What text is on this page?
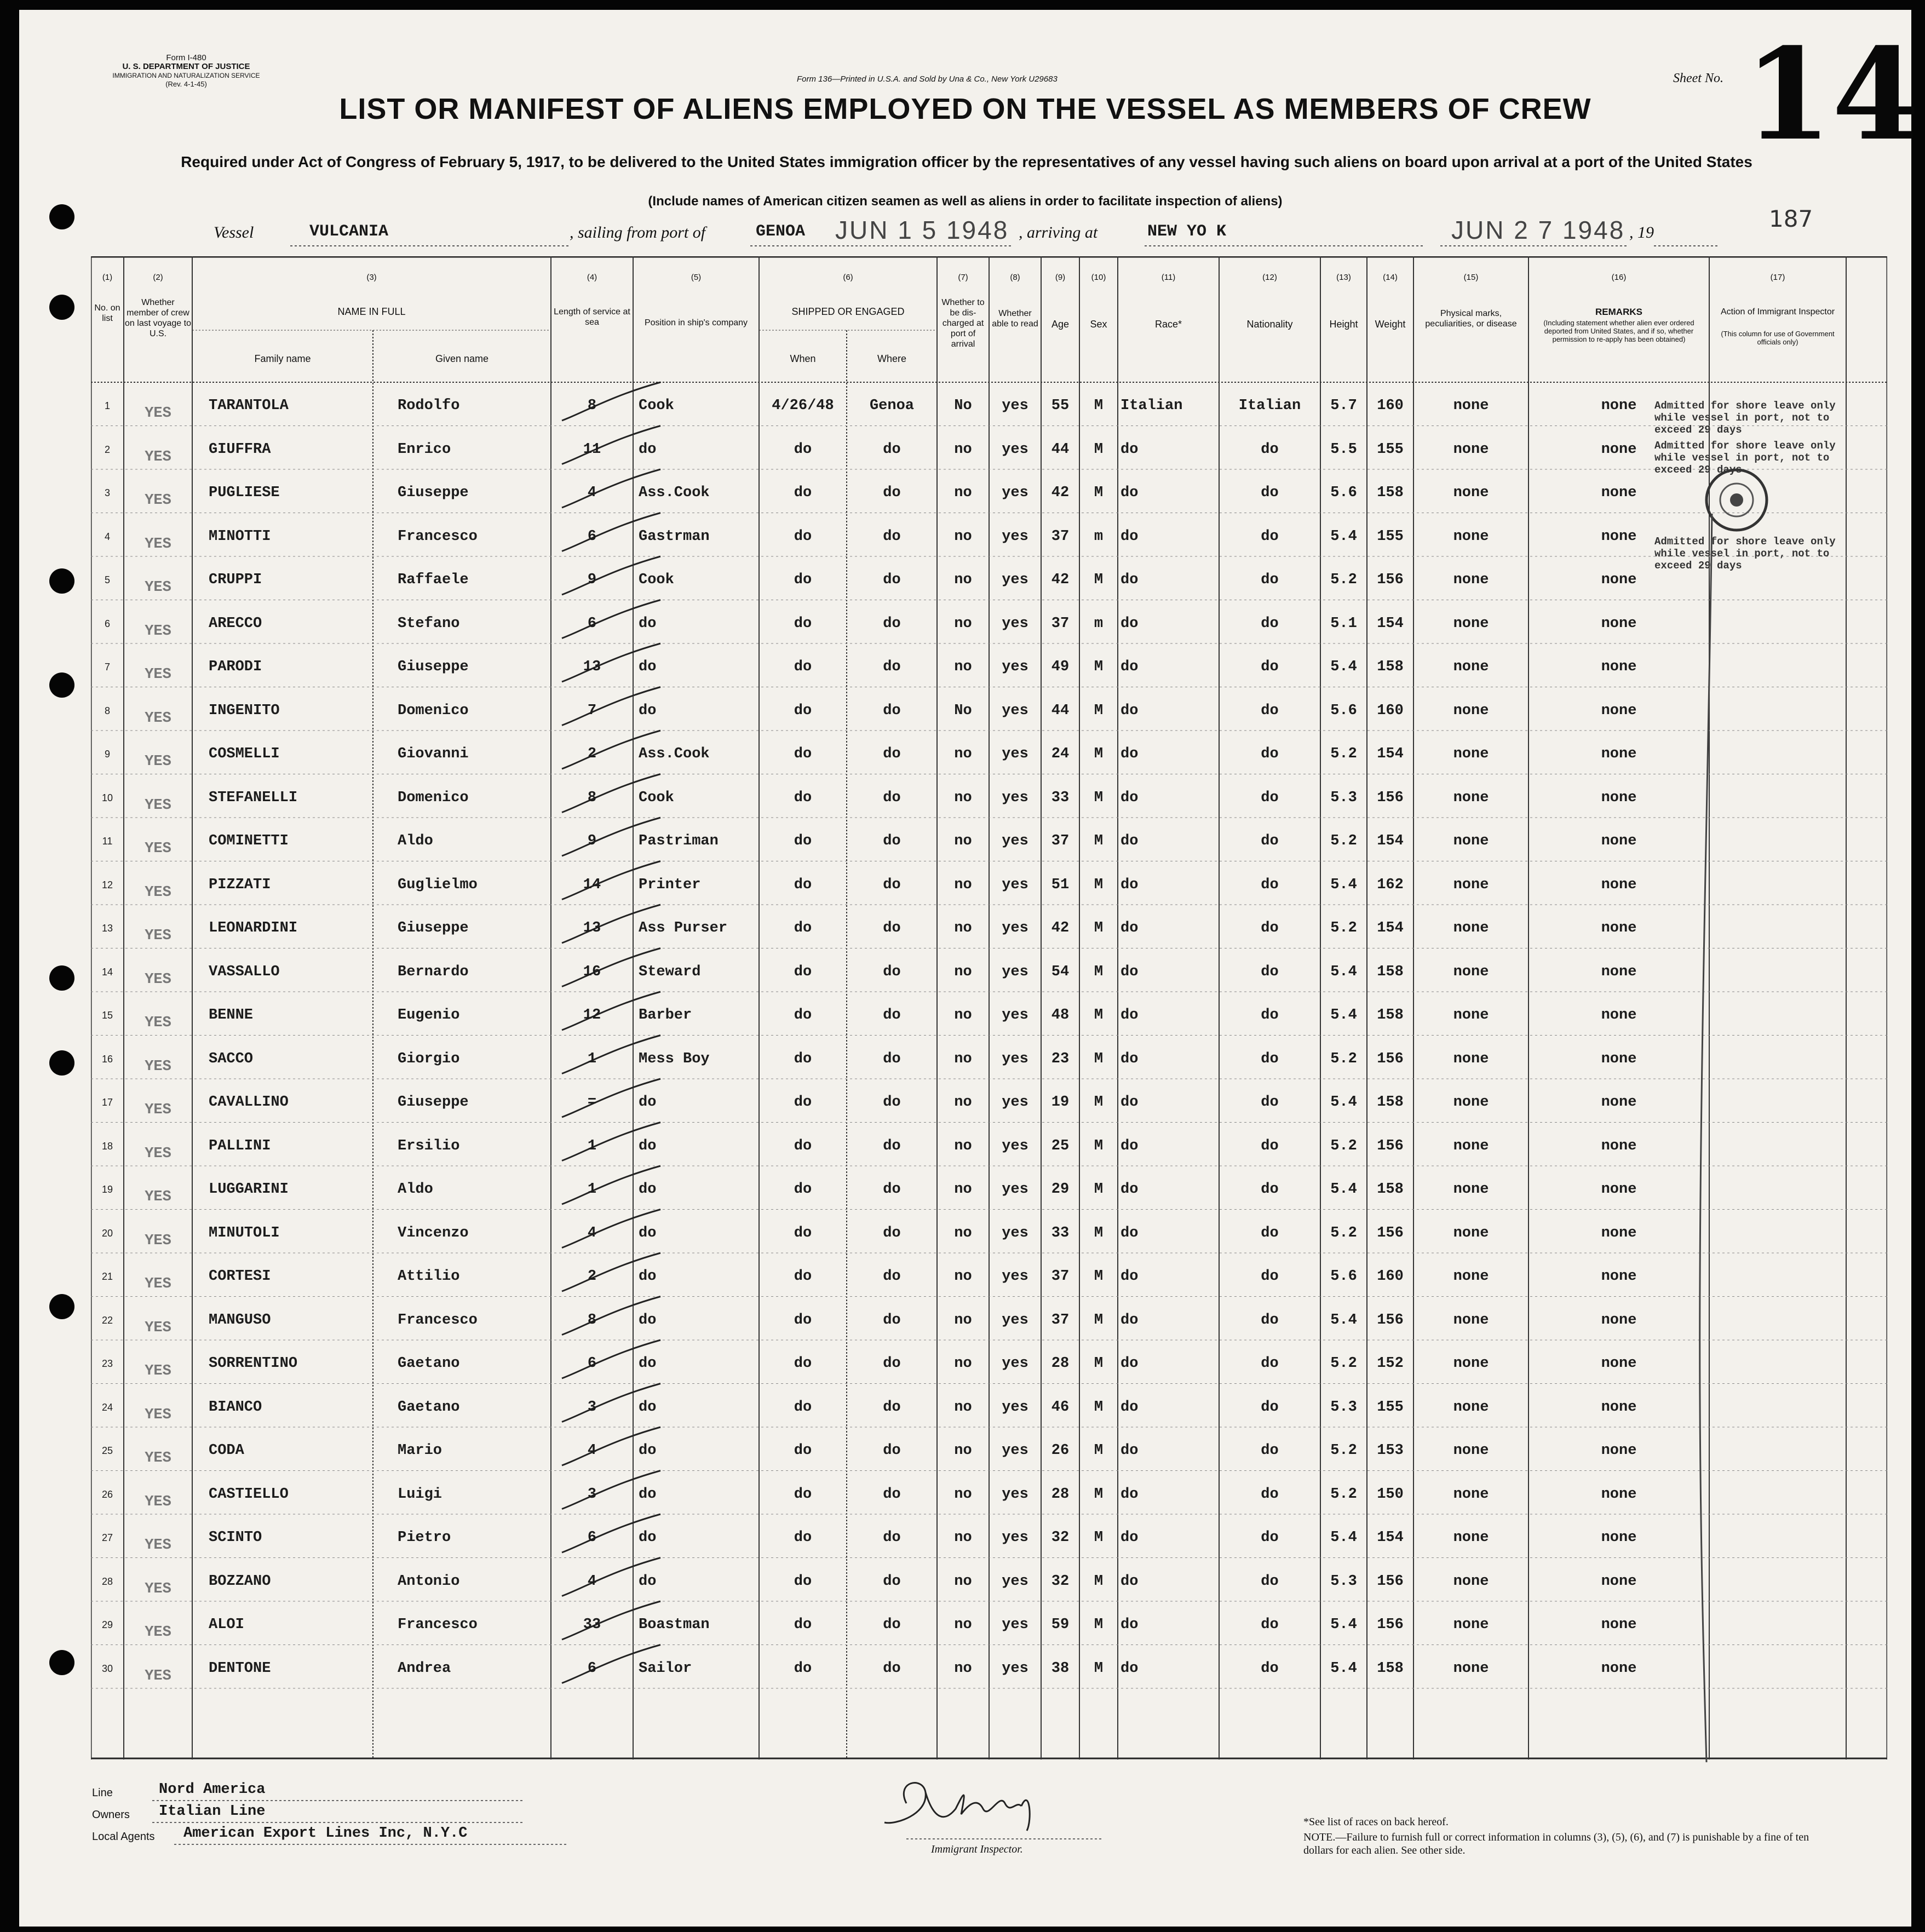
Form I-480
U. S. DEPARTMENT OF JUSTICE
IMMIGRATION AND NATURALIZATION SERVICE
(Rev. 4-1-45)
Form 136—Printed in U.S.A. and Sold by Una & Co., New York U29683	Sheet No. 14
LIST OR MANIFEST OF ALIENS EMPLOYED ON THE VESSEL AS MEMBERS OF CREW
Required under Act of Congress of February 5, 1917, to be delivered to the United States immigration officer by the representatives of any vessel having such aliens on board upon arrival at a port of the United States
(Include names of American citizen seamen as well as aliens in order to facilitate inspection of aliens)
Vessel	VULCANIA	, sailing from port of	GENOA JUN 1 5 1948 , arriving at	NEW YO K	JUN 2 7 1948 , 19
187
(1)	(2)	(3)	(4)	(5)	(6)	(7)	(8)	(9)	(10)	(11)	(12)	(13)	(14)	(15)	(16)	(17)
No. on list
Whether member of crew on last voyage to U.S.
NAME IN FULL
Family name	Given name
Length of service at sea	Position in ship's company
SHIPPED OR ENGAGED
When	Where
Whether to be dis-charged at port of arrival
Whether able to read	Age	Sex	Race*	Nationality	Height	Weight
Physical marks, peculiarities, or disease
REMARKS
(Including statement whether alien ever ordered deported from United States, and if so, whether permission to re-apply has been obtained)
Action of Immigrant Inspector
(This column for use of Government officials only)
1	YES	TARANTOLA	Rodolfo	8	Cook	4/26/48	Genoa	No	yes	55	M	Italian	Italian	5.7	160	none	none
2	YES	GIUFFRA	Enrico	11	do	do	do	no	yes	44	M	do	do	5.5	155	none	none
3	YES	PUGLIESE	Giuseppe	4	Ass.Cook	do	do	no	yes	42	M	do	do	5.6	158	none	none
4	YES	MINOTTI	Francesco	6	Gastrman	do	do	no	yes	37	m	do	do	5.4	155	none	none
5	YES	CRUPPI	Raffaele	9	Cook	do	do	no	yes	42	M	do	do	5.2	156	none	none
6	YES	ARECCO	Stefano	6	do	do	do	no	yes	37	m	do	do	5.1	154	none	none
7	YES	PARODI	Giuseppe	13	do	do	do	no	yes	49	M	do	do	5.4	158	none	none
8	YES	INGENITO	Domenico	7	do	do	do	No	yes	44	M	do	do	5.6	160	none	none
9	YES	COSMELLI	Giovanni	2	Ass.Cook	do	do	no	yes	24	M	do	do	5.2	154	none	none
10	YES	STEFANELLI	Domenico	8	Cook	do	do	no	yes	33	M	do	do	5.3	156	none	none
11	YES	COMINETTI	Aldo	9	Pastriman	do	do	no	yes	37	M	do	do	5.2	154	none	none
12	YES	PIZZATI	Guglielmo	14	Printer	do	do	no	yes	51	M	do	do	5.4	162	none	none
13	YES	LEONARDINI	Giuseppe	13	Ass Purser	do	do	no	yes	42	M	do	do	5.2	154	none	none
14	YES	VASSALLO	Bernardo	16	Steward	do	do	no	yes	54	M	do	do	5.4	158	none	none
15	YES	BENNE	Eugenio	12	Barber	do	do	no	yes	48	M	do	do	5.4	158	none	none
16	YES	SACCO	Giorgio	1	Mess Boy	do	do	no	yes	23	M	do	do	5.2	156	none	none
17	YES	CAVALLINO	Giuseppe	=	do	do	do	no	yes	19	M	do	do	5.4	158	none	none
18	YES	PALLINI	Ersilio	1	do	do	do	no	yes	25	M	do	do	5.2	156	none	none
19	YES	LUGGARINI	Aldo	1	do	do	do	no	yes	29	M	do	do	5.4	158	none	none
20	YES	MINUTOLI	Vincenzo	4	do	do	do	no	yes	33	M	do	do	5.2	156	none	none
21	YES	CORTESI	Attilio	2	do	do	do	no	yes	37	M	do	do	5.6	160	none	none
22	YES	MANGUSO	Francesco	8	do	do	do	no	yes	37	M	do	do	5.4	156	none	none
23	YES	SORRENTINO	Gaetano	6	do	do	do	no	yes	28	M	do	do	5.2	152	none	none
24	YES	BIANCO	Gaetano	3	do	do	do	no	yes	46	M	do	do	5.3	155	none	none
25	YES	CODA	Mario	4	do	do	do	no	yes	26	M	do	do	5.2	153	none	none
26	YES	CASTIELLO	Luigi	3	do	do	do	no	yes	28	M	do	do	5.2	150	none	none
27	YES	SCINTO	Pietro	6	do	do	do	no	yes	32	M	do	do	5.4	154	none	none
28	YES	BOZZANO	Antonio	4	do	do	do	no	yes	32	M	do	do	5.3	156	none	none
29	YES	ALOI	Francesco	33	Boastman	do	do	no	yes	59	M	do	do	5.4	156	none	none
30	YES	DENTONE	Andrea	6	Sailor	do	do	no	yes	38	M	do	do	5.4	158	none	none
Admitted for shore leave only
while vessel in port, not to
exceed 29 days
Admitted for shore leave only
while vessel in port, not to
exceed 29 days
Admitted for shore leave only
while vessel in port, not to
exceed 29 days
Line	Nord America
Owners Italian Line
Local Agents American Export Lines Inc, N.Y.C
Immigrant Inspector.
*See list of races on back hereof.
NOTE.—Failure to furnish full or correct information in columns (3), (5), (6), and (7) is punishable by a fine of ten dollars for each alien. See other side.
